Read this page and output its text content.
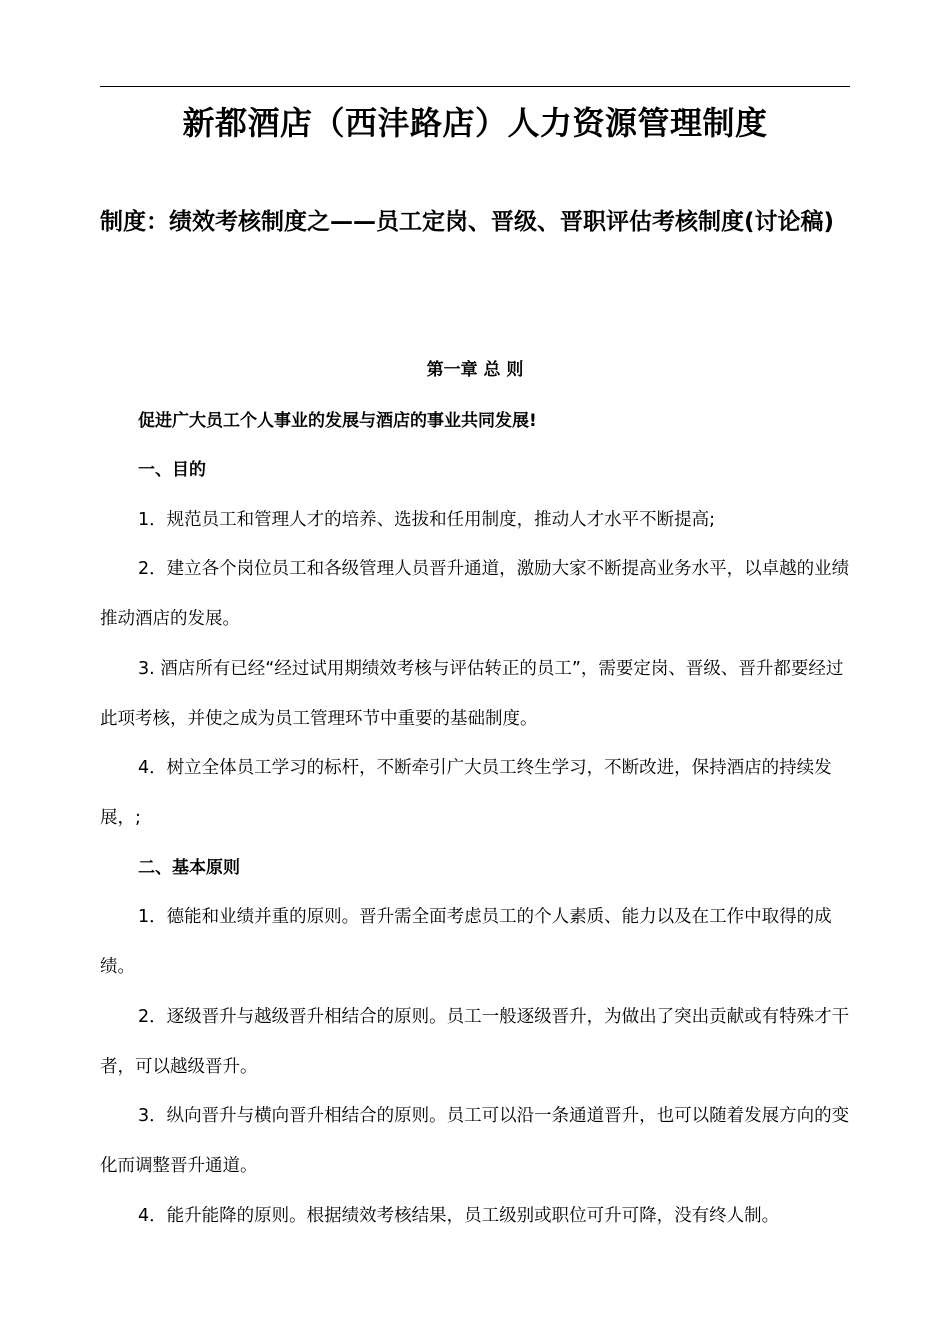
新都酒店（西沣路店）人力资源管理制度
制度：绩效考核制度之——员工定岗、晋级、晋职评估考核制度(讨论稿)
第一章 总 则
促进广大员工个人事业的发展与酒店的事业共同发展!
一、目的
1．规范员工和管理人才的培养、选拔和任用制度，推动人才水平不断提高;
2．建立各个岗位员工和各级管理人员晋升通道，激励大家不断提高业务水平，以卓越的业绩推动酒店的发展。
3. 酒店所有已经“经过试用期绩效考核与评估转正的员工”，需要定岗、晋级、晋升都要经过此项考核，并使之成为员工管理环节中重要的基础制度。
4．树立全体员工学习的标杆，不断牵引广大员工终生学习，不断改进，保持酒店的持续发展，;
二、基本原则
1．德能和业绩并重的原则。晋升需全面考虑员工的个人素质、能力以及在工作中取得的成绩。
2．逐级晋升与越级晋升相结合的原则。员工一般逐级晋升，为做出了突出贡献或有特殊才干者，可以越级晋升。
3．纵向晋升与横向晋升相结合的原则。员工可以沿一条通道晋升，也可以随着发展方向的变化而调整晋升通道。
4．能升能降的原则。根据绩效考核结果，员工级别或职位可升可降，没有终人制。
